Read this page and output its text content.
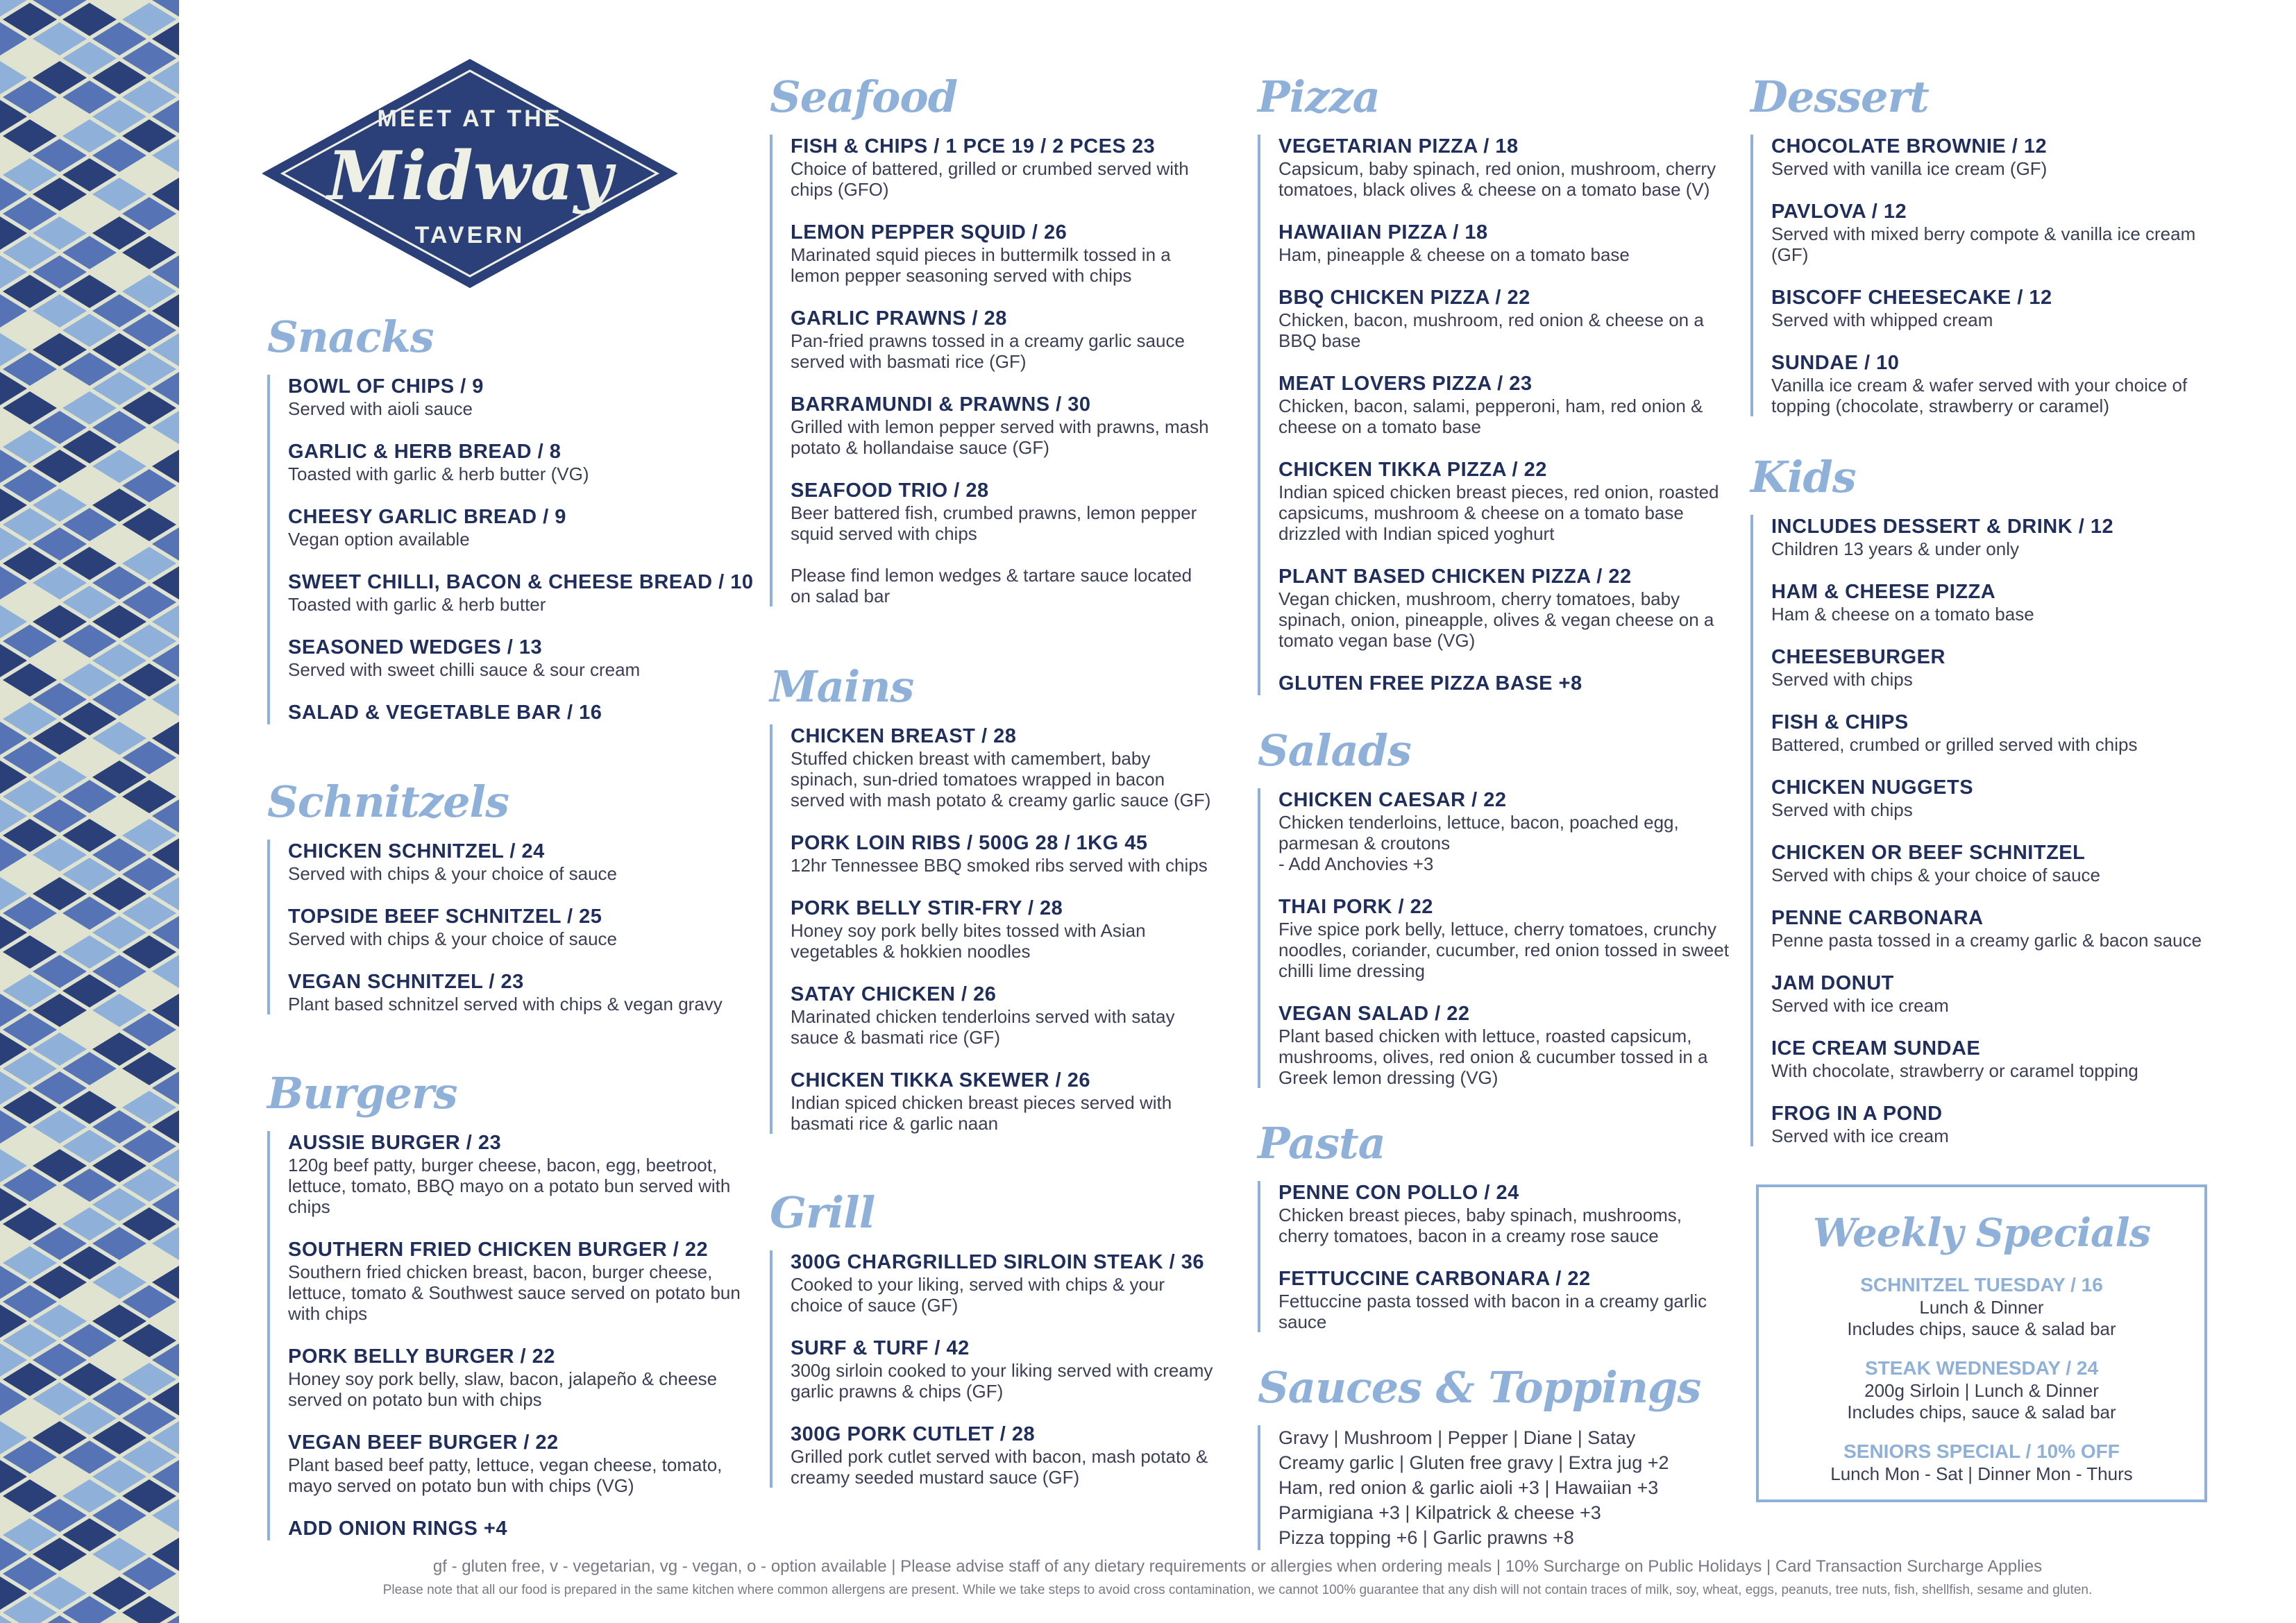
MEET AT THE
Midway
TAVERN
Snacks
BOWL OF CHIPS / 9
Served with aioli sauce
GARLIC & HERB BREAD / 8
Toasted with garlic & herb butter (VG)
CHEESY GARLIC BREAD / 9
Vegan option available
SWEET CHILLI, BACON & CHEESE BREAD / 10
Toasted with garlic & herb butter
SEASONED WEDGES / 13
Served with sweet chilli sauce & sour cream
SALAD & VEGETABLE BAR / 16
Schnitzels
CHICKEN SCHNITZEL / 24
Served with chips & your choice of sauce
TOPSIDE BEEF SCHNITZEL / 25
Served with chips & your choice of sauce
VEGAN SCHNITZEL / 23
Plant based schnitzel served with chips & vegan gravy
Burgers
AUSSIE BURGER / 23
120g beef patty, burger cheese, bacon, egg, beetroot, lettuce, tomato, BBQ mayo on a potato bun served with chips
SOUTHERN FRIED CHICKEN BURGER / 22
Southern fried chicken breast, bacon, burger cheese, lettuce, tomato & Southwest sauce served on potato bun with chips
PORK BELLY BURGER / 22
Honey soy pork belly, slaw, bacon, jalapeño & cheese served on potato bun with chips
VEGAN BEEF BURGER / 22
Plant based beef patty, lettuce, vegan cheese, tomato, mayo served on potato bun with chips (VG)
ADD ONION RINGS +4
Seafood
FISH & CHIPS / 1 PCE 19 / 2 PCES 23
Choice of battered, grilled or crumbed served with chips (GFO)
LEMON PEPPER SQUID / 26
Marinated squid pieces in buttermilk tossed in a lemon pepper seasoning served with chips
GARLIC PRAWNS / 28
Pan-fried prawns tossed in a creamy garlic sauce served with basmati rice (GF)
BARRAMUNDI & PRAWNS / 30
Grilled with lemon pepper served with prawns, mash potato & hollandaise sauce (GF)
SEAFOOD TRIO / 28
Beer battered fish, crumbed prawns, lemon pepper squid served with chips
Please find lemon wedges & tartare sauce located on salad bar
Mains
CHICKEN BREAST / 28
Stuffed chicken breast with camembert, baby spinach, sun-dried tomatoes wrapped in bacon served with mash potato & creamy garlic sauce (GF)
PORK LOIN RIBS / 500G 28 / 1KG 45
12hr Tennessee BBQ smoked ribs served with chips
PORK BELLY STIR-FRY / 28
Honey soy pork belly bites tossed with Asian vegetables & hokkien noodles
SATAY CHICKEN / 26
Marinated chicken tenderloins served with satay sauce & basmati rice (GF)
CHICKEN TIKKA SKEWER / 26
Indian spiced chicken breast pieces served with basmati rice & garlic naan
Grill
300G CHARGRILLED SIRLOIN STEAK / 36
Cooked to your liking, served with chips & your choice of sauce (GF)
SURF & TURF / 42
300g sirloin cooked to your liking served with creamy garlic prawns & chips (GF)
300G PORK CUTLET / 28
Grilled pork cutlet served with bacon, mash potato & creamy seeded mustard sauce (GF)
Pizza
VEGETARIAN PIZZA / 18
Capsicum, baby spinach, red onion, mushroom, cherry tomatoes, black olives & cheese on a tomato base (V)
HAWAIIAN PIZZA / 18
Ham, pineapple & cheese on a tomato base
BBQ CHICKEN PIZZA / 22
Chicken, bacon, mushroom, red onion & cheese on a BBQ base
MEAT LOVERS PIZZA / 23
Chicken, bacon, salami, pepperoni, ham, red onion & cheese on a tomato base
CHICKEN TIKKA PIZZA / 22
Indian spiced chicken breast pieces, red onion, roasted capsicums, mushroom & cheese on a tomato base drizzled with Indian spiced yoghurt
PLANT BASED CHICKEN PIZZA / 22
Vegan chicken, mushroom, cherry tomatoes, baby spinach, onion, pineapple, olives & vegan cheese on a tomato vegan base (VG)
GLUTEN FREE PIZZA BASE +8
Salads
CHICKEN CAESAR / 22
Chicken tenderloins, lettuce, bacon, poached egg, parmesan & croutons
- Add Anchovies +3
THAI PORK / 22
Five spice pork belly, lettuce, cherry tomatoes, crunchy noodles, coriander, cucumber, red onion tossed in sweet chilli lime dressing
VEGAN SALAD / 22
Plant based chicken with lettuce, roasted capsicum, mushrooms, olives, red onion & cucumber tossed in a Greek lemon dressing (VG)
Pasta
PENNE CON POLLO / 24
Chicken breast pieces, baby spinach, mushrooms, cherry tomatoes, bacon in a creamy rose sauce
FETTUCCINE CARBONARA / 22
Fettuccine pasta tossed with bacon in a creamy garlic sauce
Sauces & Toppings
Gravy | Mushroom | Pepper | Diane | Satay
Creamy garlic | Gluten free gravy | Extra jug +2
Ham, red onion & garlic aioli +3 | Hawaiian +3
Parmigiana +3 | Kilpatrick & cheese +3
Pizza topping +6 | Garlic prawns +8
Dessert
CHOCOLATE BROWNIE / 12
Served with vanilla ice cream (GF)
PAVLOVA / 12
Served with mixed berry compote & vanilla ice cream (GF)
BISCOFF CHEESECAKE / 12
Served with whipped cream
SUNDAE / 10
Vanilla ice cream & wafer served with your choice of topping (chocolate, strawberry or caramel)
Kids
INCLUDES DESSERT & DRINK / 12
Children 13 years & under only
HAM & CHEESE PIZZA
Ham & cheese on a tomato base
CHEESEBURGER
Served with chips
FISH & CHIPS
Battered, crumbed or grilled served with chips
CHICKEN NUGGETS
Served with chips
CHICKEN OR BEEF SCHNITZEL
Served with chips & your choice of sauce
PENNE CARBONARA
Penne pasta tossed in a creamy garlic & bacon sauce
JAM DONUT
Served with ice cream
ICE CREAM SUNDAE
With chocolate, strawberry or caramel topping
FROG IN A POND
Served with ice cream
Weekly Specials
SCHNITZEL TUESDAY / 16
Lunch & Dinner
Includes chips, sauce & salad bar
STEAK WEDNESDAY / 24
200g Sirloin | Lunch & Dinner
Includes chips, sauce & salad bar
SENIORS SPECIAL / 10% OFF
Lunch Mon - Sat | Dinner Mon - Thurs
gf - gluten free, v - vegetarian, vg - vegan, o - option available | Please advise staff of any dietary requirements or allergies when ordering meals | 10% Surcharge on Public Holidays | Card Transaction Surcharge Applies
Please note that all our food is prepared in the same kitchen where common allergens are present. While we take steps to avoid cross contamination, we cannot 100% guarantee that any dish will not contain traces of milk, soy, wheat, eggs, peanuts, tree nuts, fish, shellfish, sesame and gluten.
